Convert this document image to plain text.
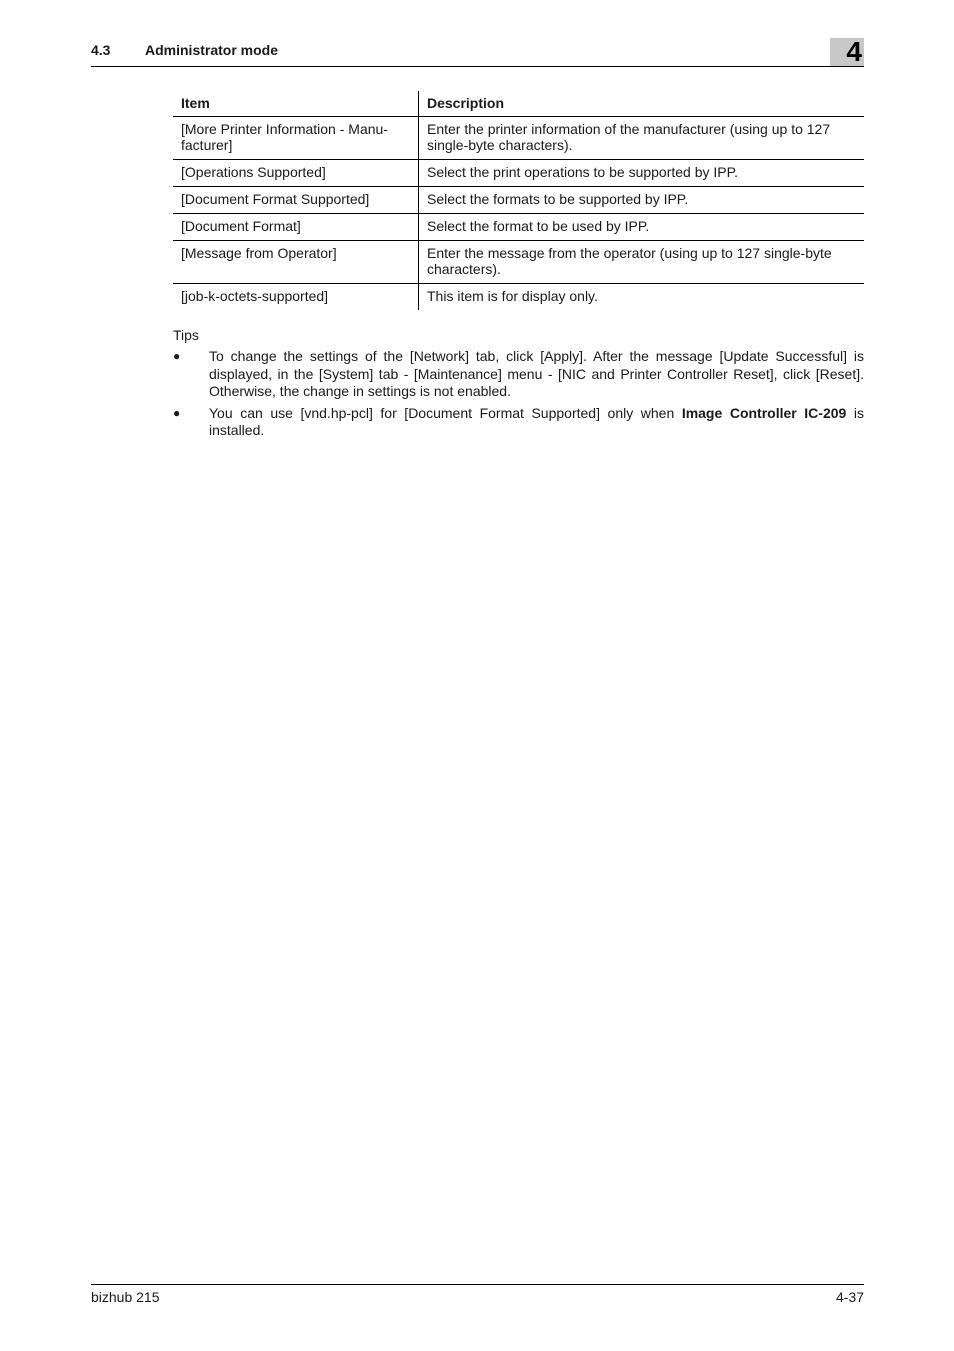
4.3 Administrator mode	4
Item	Description
[More Printer Information - Manu-facturer]	Enter the printer information of the manufacturer (using up to 127 single-byte characters).
[Operations Supported]	Select the print operations to be supported by IPP.
[Document Format Supported]	Select the formats to be supported by IPP.
[Document Format]	Select the format to be used by IPP.
[Message from Operator]	Enter the message from the operator (using up to 127 single-byte characters).
[job-k-octets-supported]	This item is for display only.
Tips
● To change the settings of the [Network] tab, click [Apply]. After the message [Update Successful] is displayed, in the [System] tab - [Maintenance] menu - [NIC and Printer Controller Reset], click [Reset]. Otherwise, the change in settings is not enabled.
● You can use [vnd.hp-pcl] for [Document Format Supported] only when Image Controller IC-209 is installed.
bizhub 215	4-37
